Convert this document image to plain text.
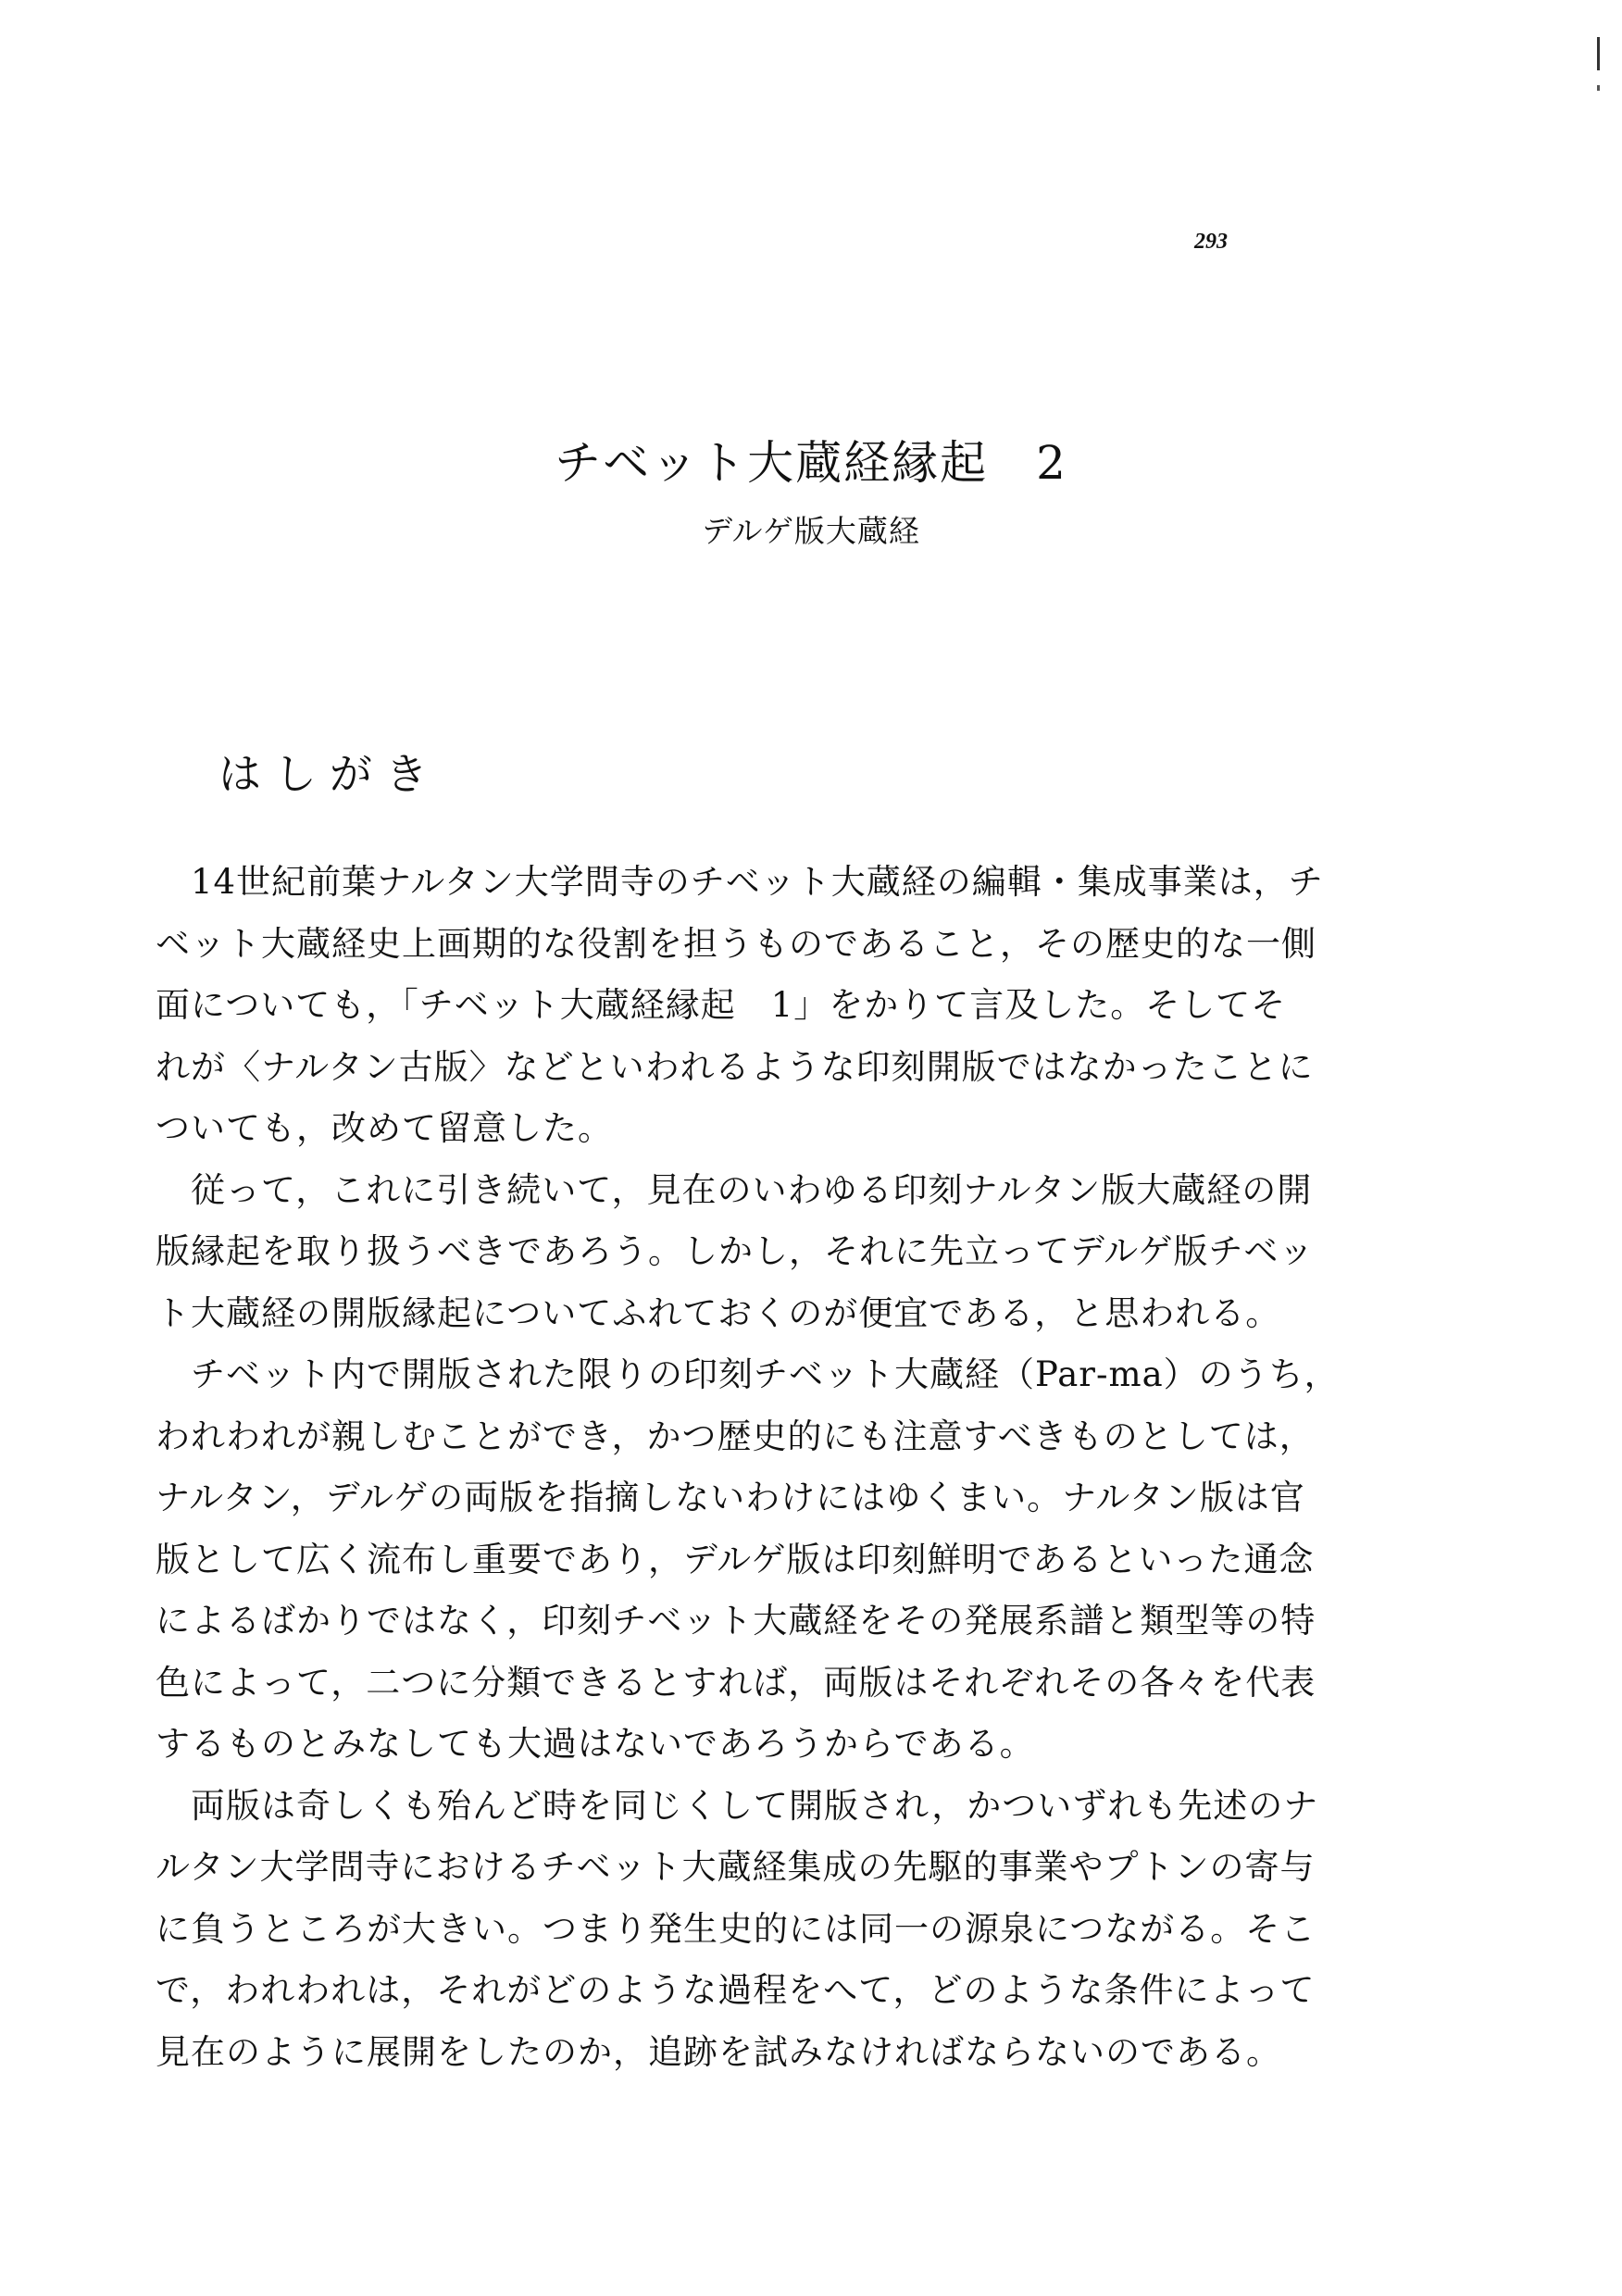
293
チベット大蔵経縁起　2
デルゲ版大蔵経
はしがき
　14世紀前葉ナルタン大学問寺のチベット大蔵経の編輯・集成事業は，チ
ベット大蔵経史上画期的な役割を担うものであること，その歴史的な一側
面についても，「チベット大蔵経縁起　1」をかりて言及した。そしてそ
れが〈ナルタン古版〉などといわれるような印刻開版ではなかったことに
ついても，改めて留意した。
　従って，これに引き続いて，見在のいわゆる印刻ナルタン版大蔵経の開
版縁起を取り扱うべきであろう。しかし，それに先立ってデルゲ版チベッ
ト大蔵経の開版縁起についてふれておくのが便宜である，と思われる。
　チベット内で開版された限りの印刻チベット大蔵経（Par-ma）のうち，
われわれが親しむことができ，かつ歴史的にも注意すべきものとしては，
ナルタン，デルゲの両版を指摘しないわけにはゆくまい。ナルタン版は官
版として広く流布し重要であり，デルゲ版は印刻鮮明であるといった通念
によるばかりではなく，印刻チベット大蔵経をその発展系譜と類型等の特
色によって，二つに分類できるとすれば，両版はそれぞれその各々を代表
するものとみなしても大過はないであろうからである。
　両版は奇しくも殆んど時を同じくして開版され，かついずれも先述のナ
ルタン大学問寺におけるチベット大蔵経集成の先駆的事業やプトンの寄与
に負うところが大きい。つまり発生史的には同一の源泉につながる。そこ
で，われわれは，それがどのような過程をへて，どのような条件によって
見在のように展開をしたのか，追跡を試みなければならないのである。
